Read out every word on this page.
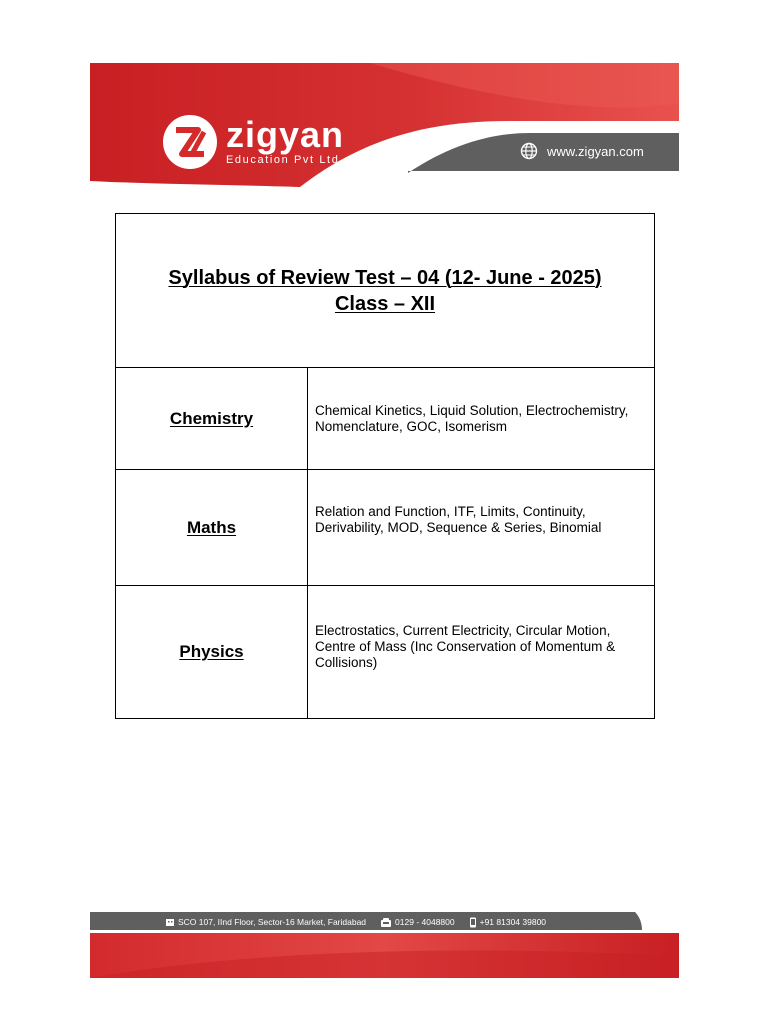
zigyan
Education Pvt Ltd
www.zigyan.com
Syllabus of Review Test – 04 (12- June - 2025)
Class – XII	

Chemistry	Chemical Kinetics, Liquid Solution, Electrochemistry, Nomenclature, GOC, Isomerism
Maths	Relation and Function, ITF, Limits, Continuity, Derivability, MOD, Sequence & Series, Binomial
Physics	Electrostatics, Current Electricity, Circular Motion, Centre of Mass (Inc Conservation of Momentum & Collisions)
SCO 107, IInd Floor, Sector-16 Market, Faridabad	0129 - 4048800	+91 81304 39800
